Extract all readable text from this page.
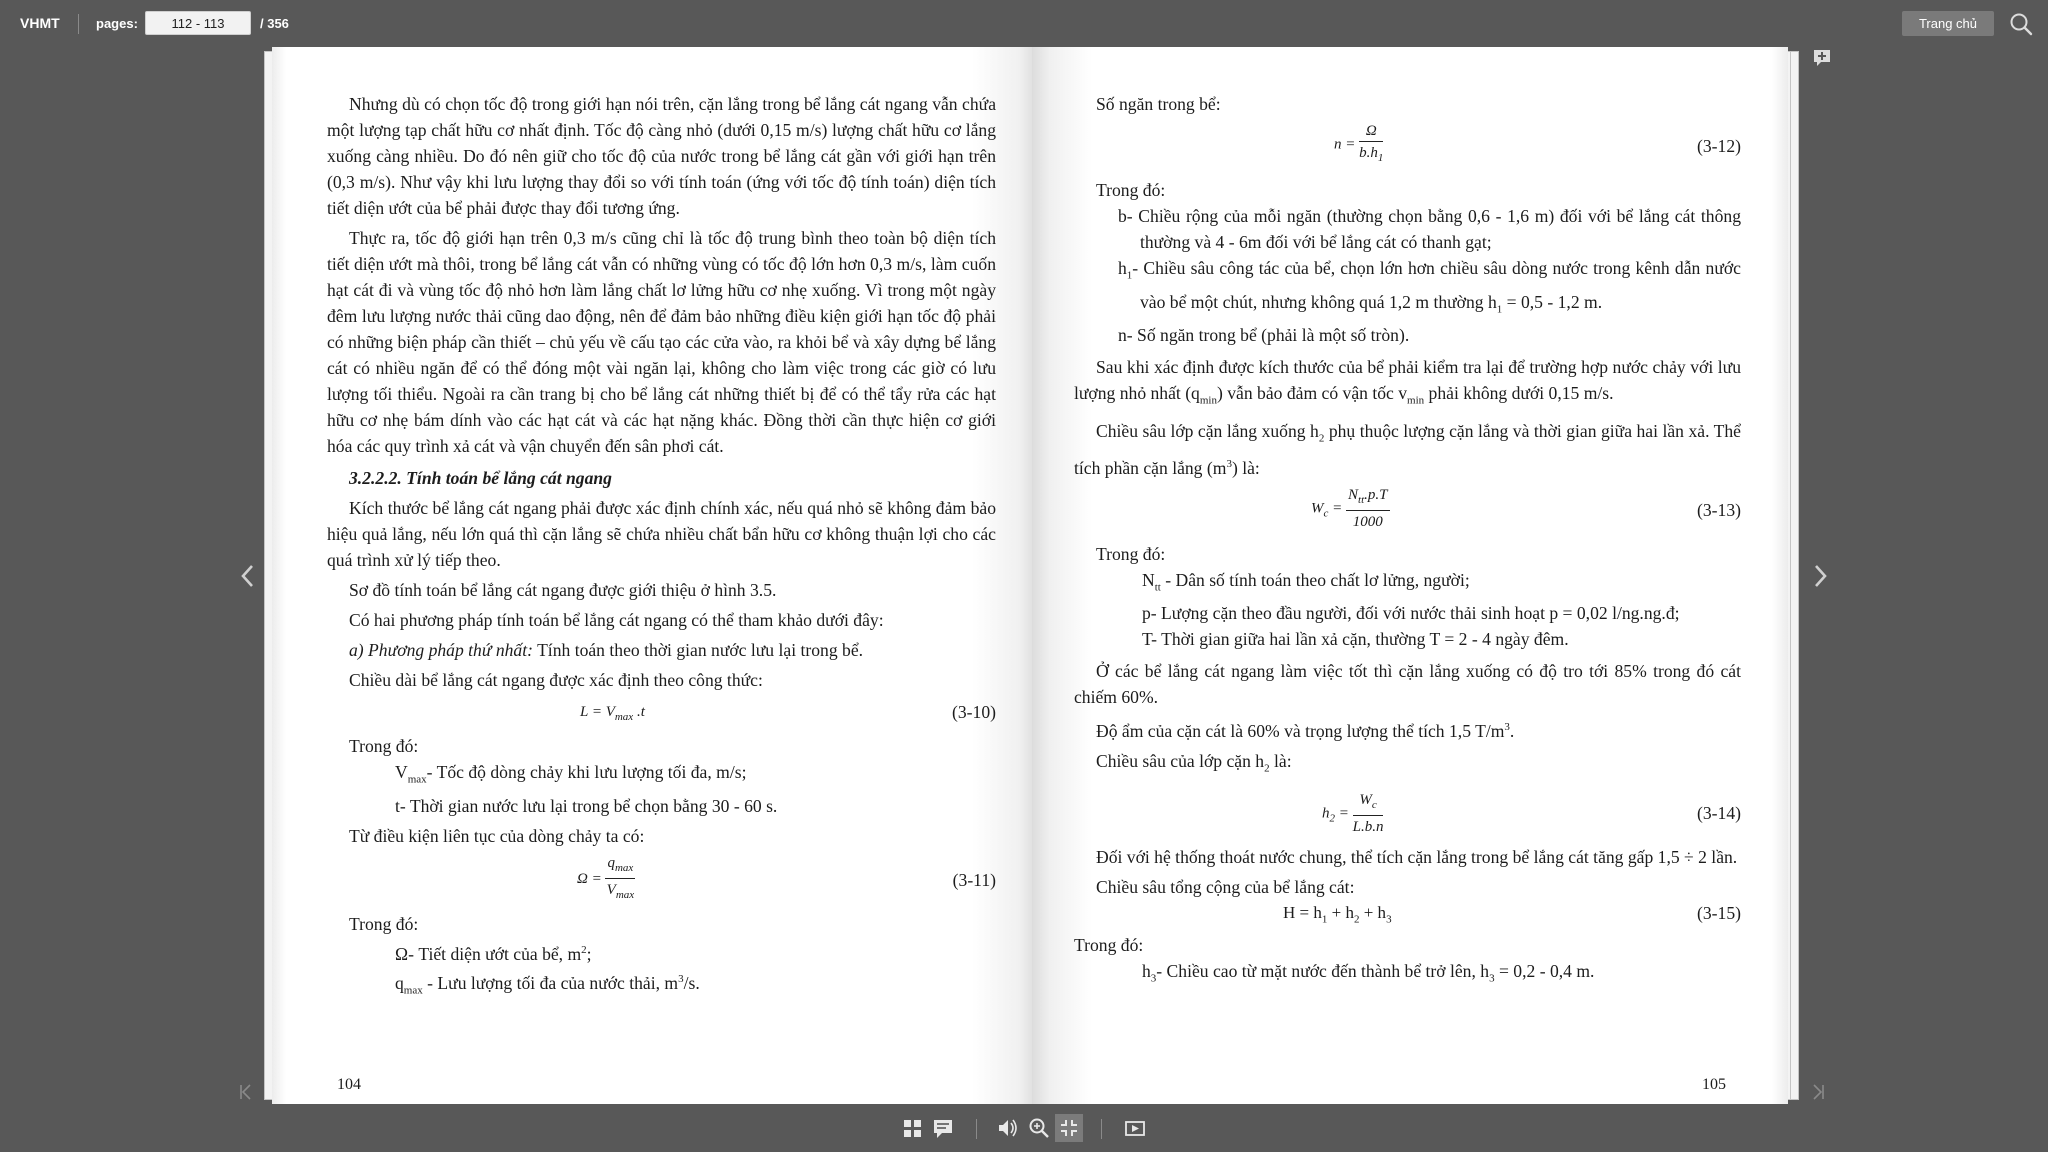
VHMT	pages:
112 - 113	/ 356	Trang chủ

Nhưng dù có chọn tốc độ trong giới hạn nói trên, cặn lắng trong bể lắng cát ngang vẫn chứa một lượng tạp chất hữu cơ nhất định. Tốc độ càng nhỏ (dưới 0,15 m/s) lượng chất hữu cơ lắng xuống càng nhiều. Do đó nên giữ cho tốc độ của nước trong bể lắng cát gần với giới hạn trên (0,3 m/s). Như vậy khi lưu lượng thay đổi so với tính toán (ứng với tốc độ tính toán) diện tích tiết diện ướt của bể phải được thay đổi tương ứng.

Thực ra, tốc độ giới hạn trên 0,3 m/s cũng chỉ là tốc độ trung bình theo toàn bộ diện tích tiết diện ướt mà thôi, trong bể lắng cát vẫn có những vùng có tốc độ lớn hơn 0,3 m/s, làm cuốn hạt cát đi và vùng tốc độ nhỏ hơn làm lắng chất lơ lửng hữu cơ nhẹ xuống. Vì trong một ngày đêm lưu lượng nước thải cũng dao động, nên để đảm bảo những điều kiện giới hạn tốc độ phải có những biện pháp cần thiết – chủ yếu về cấu tạo các cửa vào, ra khỏi bể và xây dựng bể lắng cát có nhiều ngăn để có thể đóng một vài ngăn lại, không cho làm việc trong các giờ có lưu lượng tối thiểu. Ngoài ra cần trang bị cho bể lắng cát những thiết bị để có thể tẩy rửa các hạt hữu cơ nhẹ bám dính vào các hạt cát và các hạt nặng khác. Đồng thời cần thực hiện cơ giới hóa các quy trình xả cát và vận chuyển đến sân phơi cát.

3.2.2.2. Tính toán bể lắng cát ngang

Kích thước bể lắng cát ngang phải được xác định chính xác, nếu quá nhỏ sẽ không đảm bảo hiệu quả lắng, nếu lớn quá thì cặn lắng sẽ chứa nhiều chất bẩn hữu cơ không thuận lợi cho các quá trình xử lý tiếp theo.

Sơ đồ tính toán bể lắng cát ngang được giới thiệu ở hình 3.5.

Có hai phương pháp tính toán bể lắng cát ngang có thể tham khảo dưới đây:

a) Phương pháp thứ nhất: Tính toán theo thời gian nước lưu lại trong bể.

Chiều dài bể lắng cát ngang được xác định theo công thức:

$L = V_{max}$ .t	(3-10)

Trong đó:

$V_{max}-$ Tốc độ dòng chảy khi lưu lượng tối đa, m/s;

t- Thời gian nước lưu lại trong bể chọn bằng 30 - 60 s.

Từ điều kiện liên tục của dòng chảy ta có:

$\Omega = \frac{q_{max}}{V_{max}}$	(3-11)

Trong đó:

Ω- Tiết diện ướt của bể, $m^2$;

$q_{max}$ - Lưu lượng tối đa của nước thải, $m^3/s$.

104

Số ngăn trong bể:

$n = \frac{\Omega}{b.h_1}$	(3-12)

Trong đó:

b- Chiều rộng của mỗi ngăn (thường chọn bằng 0,6 - 1,6 m) đối với bể lắng cát thông thường và 4 - 6m đối với bể lắng cát có thanh gạt;

$h_1-$ Chiều sâu công tác của bể, chọn lớn hơn chiều sâu dòng nước trong kênh dẫn nước vào bể một chút, nhưng không quá 1,2 m thường $h_1 = 0,5 - 1,2$ m.

n- Số ngăn trong bể (phải là một số tròn).

Sau khi xác định được kích thước của bể phải kiểm tra lại để trường hợp nước chảy với lưu lượng nhỏ nhất $(q_{min})$ vẫn bảo đảm có vận tốc $v_{min}$ phải không dưới 0,15 m/s.

Chiều sâu lớp cặn lắng xuống $h_2$ phụ thuộc lượng cặn lắng và thời gian giữa hai lần xả. Thể tích phần cặn lắng $(m^3)$ là:

$W_c = \frac{N_{tt}.p.T}{1000}$	(3-13)

Trong đó:

$N_{tt}$ - Dân số tính toán theo chất lơ lửng, người;

p- Lượng cặn theo đầu người, đối với nước thải sinh hoạt p = 0,02 l/ng.ng.đ;

T- Thời gian giữa hai lần xả cặn, thường T = 2 - 4 ngày đêm.

Ở các bể lắng cát ngang làm việc tốt thì cặn lắng xuống có độ tro tới 85% trong đó cát chiếm 60%.

Độ ẩm của cặn cát là 60% và trọng lượng thể tích 1,5 $T/m^3$.

Chiều sâu của lớp cặn $h_2$ là:

$h_2 = \frac{W_c}{L.b.n}$	(3-14)

Đối với hệ thống thoát nước chung, thể tích cặn lắng trong bể lắng cát tăng gấp 1,5 ÷ 2 lần.

Chiều sâu tổng cộng của bể lắng cát:

$H = h_1 + h_2 + h_3$	(3-15)

Trong đó:

$h_3-$ Chiều cao từ mặt nước đến thành bể trở lên, $h_3 = 0,2 - 0,4$ m.

105
